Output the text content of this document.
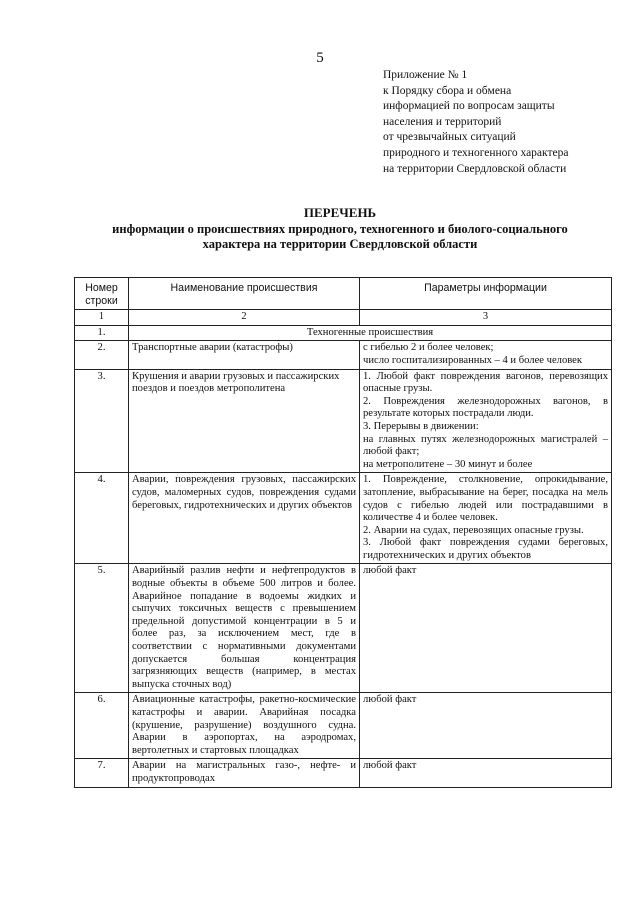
5
Приложение № 1
к Порядку сбора и обмена
информацией по вопросам защиты
населения и территорий
от чрезвычайных ситуаций
природного и техногенного характера
на территории Свердловской области
ПЕРЕЧЕНЬ
информации о происшествиях природного, техногенного и биолого-социального
характера на территории Свердловской области
Номер строки	Наименование происшествия	Параметры информации
1	2	3
1.	Техногенные происшествия	
2.	Транспортные аварии (катастрофы)	с гибелью 2 и более человек;
число госпитализированных – 4 и более человек

3.	Крушения и аварии грузовых и пассажирских поездов и поездов метрополитена	1. Любой факт повреждения вагонов, перевозящих опасные грузы.
2. Повреждения железнодорожных вагонов, в результате которых пострадали люди.
3. Перерывы в движении:
на главных путях железнодорожных магистралей – любой факт;
на метрополитене – 30 минут и более

4.	Аварии, повреждения грузовых, пассажирских судов, маломерных судов, повреждения судами береговых, гидротехнических и других объектов	1. Повреждение, столкновение, опрокидывание, затопление, выбрасывание на берег, посадка на мель судов с гибелью людей или пострадавшими в количестве 4 и более человек.
2. Аварии на судах, перевозящих опасные грузы.
3. Любой факт повреждения судами береговых, гидротехнических и других объектов

5.	Аварийный разлив нефти и нефтепродуктов в водные объекты в объеме 500 литров и более. Аварийное попадание в водоемы жидких и сыпучих токсичных веществ с превышением предельной допустимой концентрации в 5 и более раз, за исключением мест, где в соответствии с нормативными документами допускается большая концентрация загрязняющих веществ (например, в местах выпуска сточных вод)	любой факт

6.	Авиационные катастрофы, ракетно-космические катастрофы и аварии. Аварийная посадка (крушение, разрушение) воздушного судна. Аварии в аэропортах, на аэродромах, вертолетных и стартовых площадках	любой факт

7.	Аварии на магистральных газо-, нефте- и продуктопроводах	любой факт
